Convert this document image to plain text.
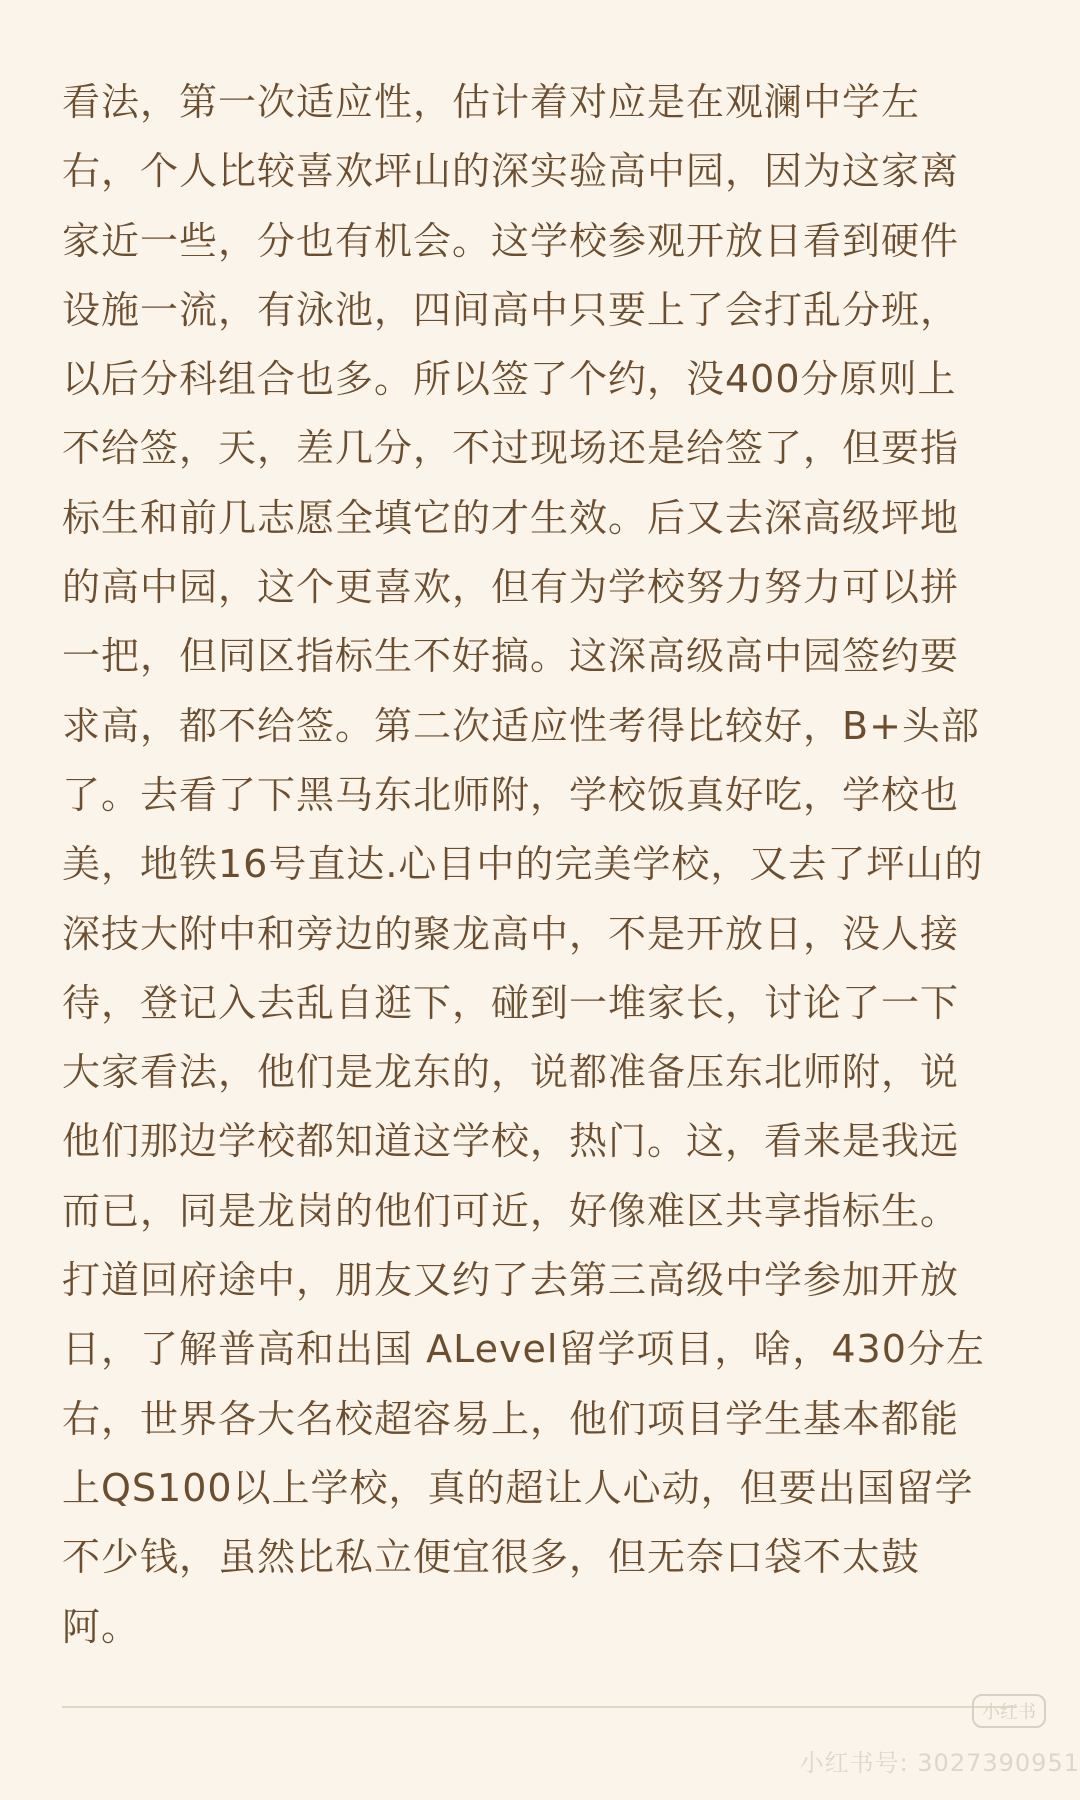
看法，第一次适应性，估计着对应是在观澜中学左
右，个人比较喜欢坪山的深实验高中园，因为这家离
家近一些，分也有机会。这学校参观开放日看到硬件
设施一流，有泳池，四间高中只要上了会打乱分班，
以后分科组合也多。所以签了个约，没400分原则上
不给签，天，差几分，不过现场还是给签了，但要指
标生和前几志愿全填它的才生效。后又去深高级坪地
的高中园，这个更喜欢，但有为学校努力努力可以拼
一把，但同区指标生不好搞。这深高级高中园签约要
求高，都不给签。第二次适应性考得比较好，B+头部
了。去看了下黑马东北师附，学校饭真好吃，学校也
美，地铁16号直达.心目中的完美学校，又去了坪山的
深技大附中和旁边的聚龙高中，不是开放日，没人接
待，登记入去乱自逛下，碰到一堆家长，讨论了一下
大家看法，他们是龙东的，说都准备压东北师附，说
他们那边学校都知道这学校，热门。这，看来是我远
而已，同是龙岗的他们可近，好像难区共享指标生。
打道回府途中，朋友又约了去第三高级中学参加开放
日，了解普高和出国 ALevel留学项目，啥，430分左
右，世界各大名校超容易上，他们项目学生基本都能
上QS100以上学校，真的超让人心动，但要出国留学
不少钱，虽然比私立便宜很多，但无奈口袋不太鼓
阿。
小红书
小红书号: 3027390951
